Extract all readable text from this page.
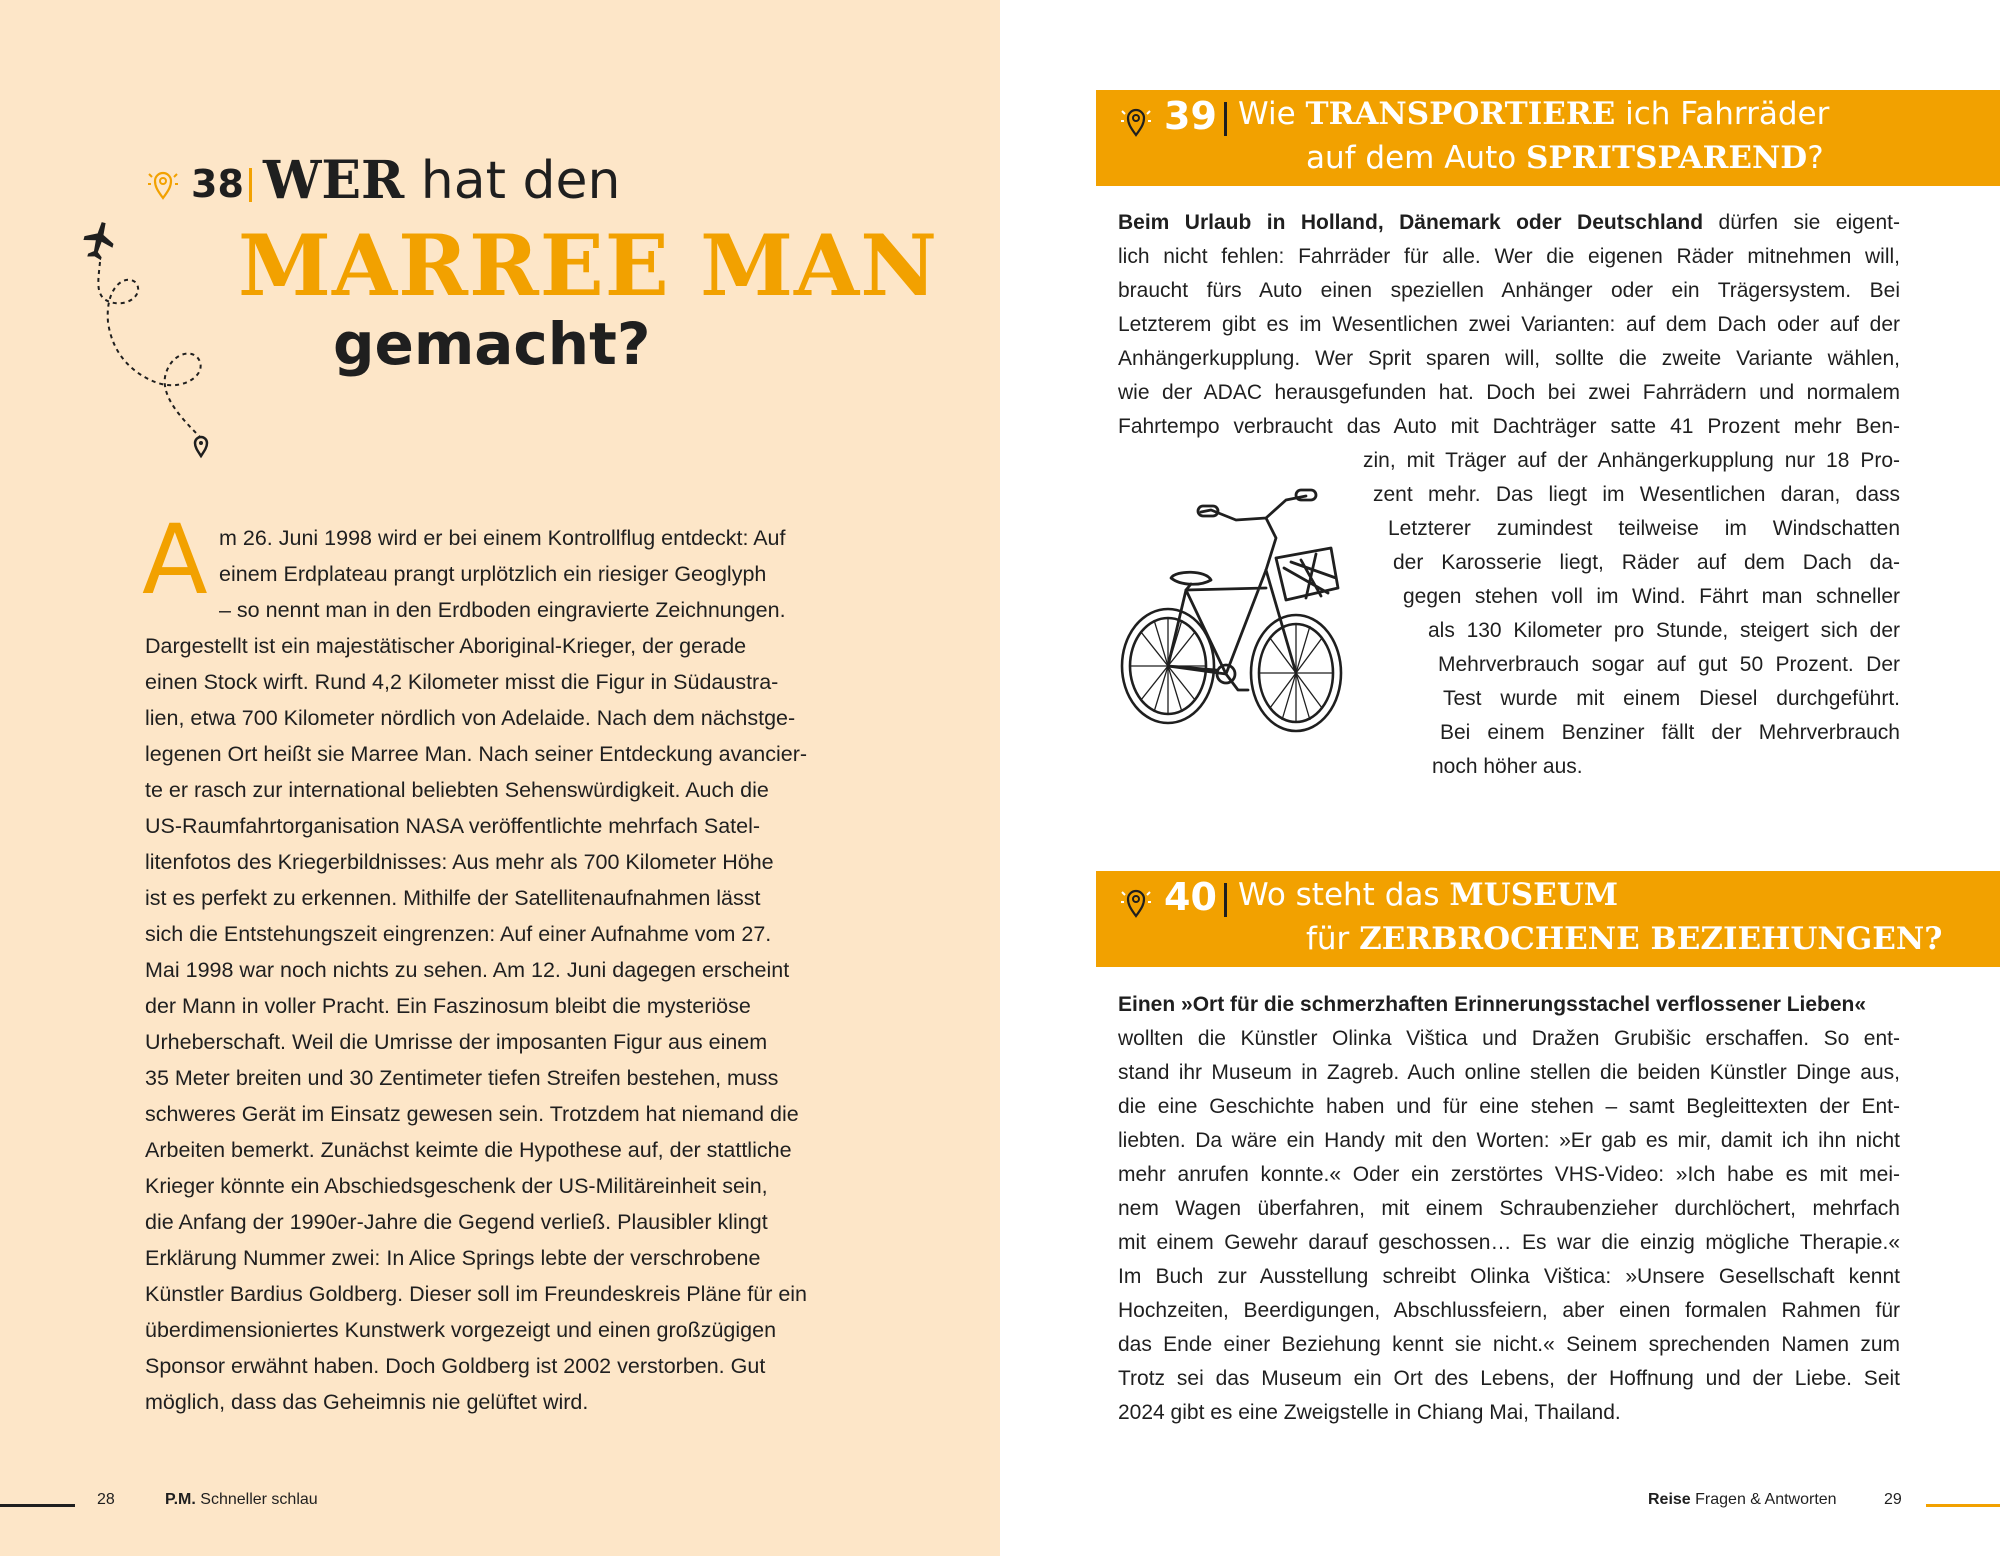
38 WER hat den
MARREE MAN
gemacht?
A m 26. Juni 1998 wird er bei einem Kontrollflug entdeckt: Auf
einem Erdplateau prangt urplötzlich ein riesiger Geoglyph
– so nennt man in den Erdboden eingravierte Zeichnungen.
Dargestellt ist ein majestätischer Aboriginal-Krieger, der gerade
einen Stock wirft. Rund 4,2 Kilometer misst die Figur in Südaustra-
lien, etwa 700 Kilometer nördlich von Adelaide. Nach dem nächstge-
legenen Ort heißt sie Marree Man. Nach seiner Entdeckung avancier-
te er rasch zur international beliebten Sehenswürdigkeit. Auch die
US-Raumfahrtorganisation NASA veröffentlichte mehrfach Satel-
litenfotos des Kriegerbildnisses: Aus mehr als 700 Kilometer Höhe
ist es perfekt zu erkennen. Mithilfe der Satellitenaufnahmen lässt
sich die Entstehungszeit eingrenzen: Auf einer Aufnahme vom 27.
Mai 1998 war noch nichts zu sehen. Am 12. Juni dagegen erscheint
der Mann in voller Pracht. Ein Faszinosum bleibt die mysteriöse
Urheberschaft. Weil die Umrisse der imposanten Figur aus einem
35 Meter breiten und 30 Zentimeter tiefen Streifen bestehen, muss
schweres Gerät im Einsatz gewesen sein. Trotzdem hat niemand die
Arbeiten bemerkt. Zunächst keimte die Hypothese auf, der stattliche
Krieger könnte ein Abschiedsgeschenk der US-Militäreinheit sein,
die Anfang der 1990er-Jahre die Gegend verließ. Plausibler klingt
Erklärung Nummer zwei: In Alice Springs lebte der verschrobene
Künstler Bardius Goldberg. Dieser soll im Freundeskreis Pläne für ein
überdimensioniertes Kunstwerk vorgezeigt und einen großzügigen
Sponsor erwähnt haben. Doch Goldberg ist 2002 verstorben. Gut
möglich, dass das Geheimnis nie gelüftet wird.
28	P.M. Schneller schlau
39 Wie TRANSPORTIERE ich Fahrräder
auf dem Auto SPRITSPAREND?
Beim Urlaub in Holland, Dänemark oder Deutschland dürfen sie eigent-
lich nicht fehlen: Fahrräder für alle. Wer die eigenen Räder mitnehmen will,
braucht fürs Auto einen speziellen Anhänger oder ein Trägersystem. Bei
Letzterem gibt es im Wesentlichen zwei Varianten: auf dem Dach oder auf der
Anhängerkupplung. Wer Sprit sparen will, sollte die zweite Variante wählen,
wie der ADAC herausgefunden hat. Doch bei zwei Fahrrädern und normalem
Fahrtempo verbraucht das Auto mit Dachträger satte 41 Prozent mehr Ben-
zin, mit Träger auf der Anhängerkupplung nur 18 Pro-
zent mehr. Das liegt im Wesentlichen daran, dass
Letzterer zumindest teilweise im Windschatten
der Karosserie liegt, Räder auf dem Dach da-
gegen stehen voll im Wind. Fährt man schneller
als 130 Kilometer pro Stunde, steigert sich der
Mehrverbrauch sogar auf gut 50 Prozent. Der
Test wurde mit einem Diesel durchgeführt.
Bei einem Benziner fällt der Mehrverbrauch
noch höher aus.
40 Wo steht das MUSEUM
für ZERBROCHENE BEZIEHUNGEN?
Einen »Ort für die schmerzhaften Erinnerungsstachel verflossener Lieben«
wollten die Künstler Olinka Vištica und Dražen Grubišic erschaffen. So ent-
stand ihr Museum in Zagreb. Auch online stellen die beiden Künstler Dinge aus,
die eine Geschichte haben und für eine stehen – samt Begleittexten der Ent-
liebten. Da wäre ein Handy mit den Worten: »Er gab es mir, damit ich ihn nicht
mehr anrufen konnte.« Oder ein zerstörtes VHS-Video: »Ich habe es mit mei-
nem Wagen überfahren, mit einem Schraubenzieher durchlöchert, mehrfach
mit einem Gewehr darauf geschossen… Es war die einzig mögliche Therapie.«
Im Buch zur Ausstellung schreibt Olinka Vištica: »Unsere Gesellschaft kennt
Hochzeiten, Beerdigungen, Abschlussfeiern, aber einen formalen Rahmen für
das Ende einer Beziehung kennt sie nicht.« Seinem sprechenden Namen zum
Trotz sei das Museum ein Ort des Lebens, der Hoffnung und der Liebe. Seit
2024 gibt es eine Zweigstelle in Chiang Mai, Thailand.
Reise Fragen & Antworten	29
